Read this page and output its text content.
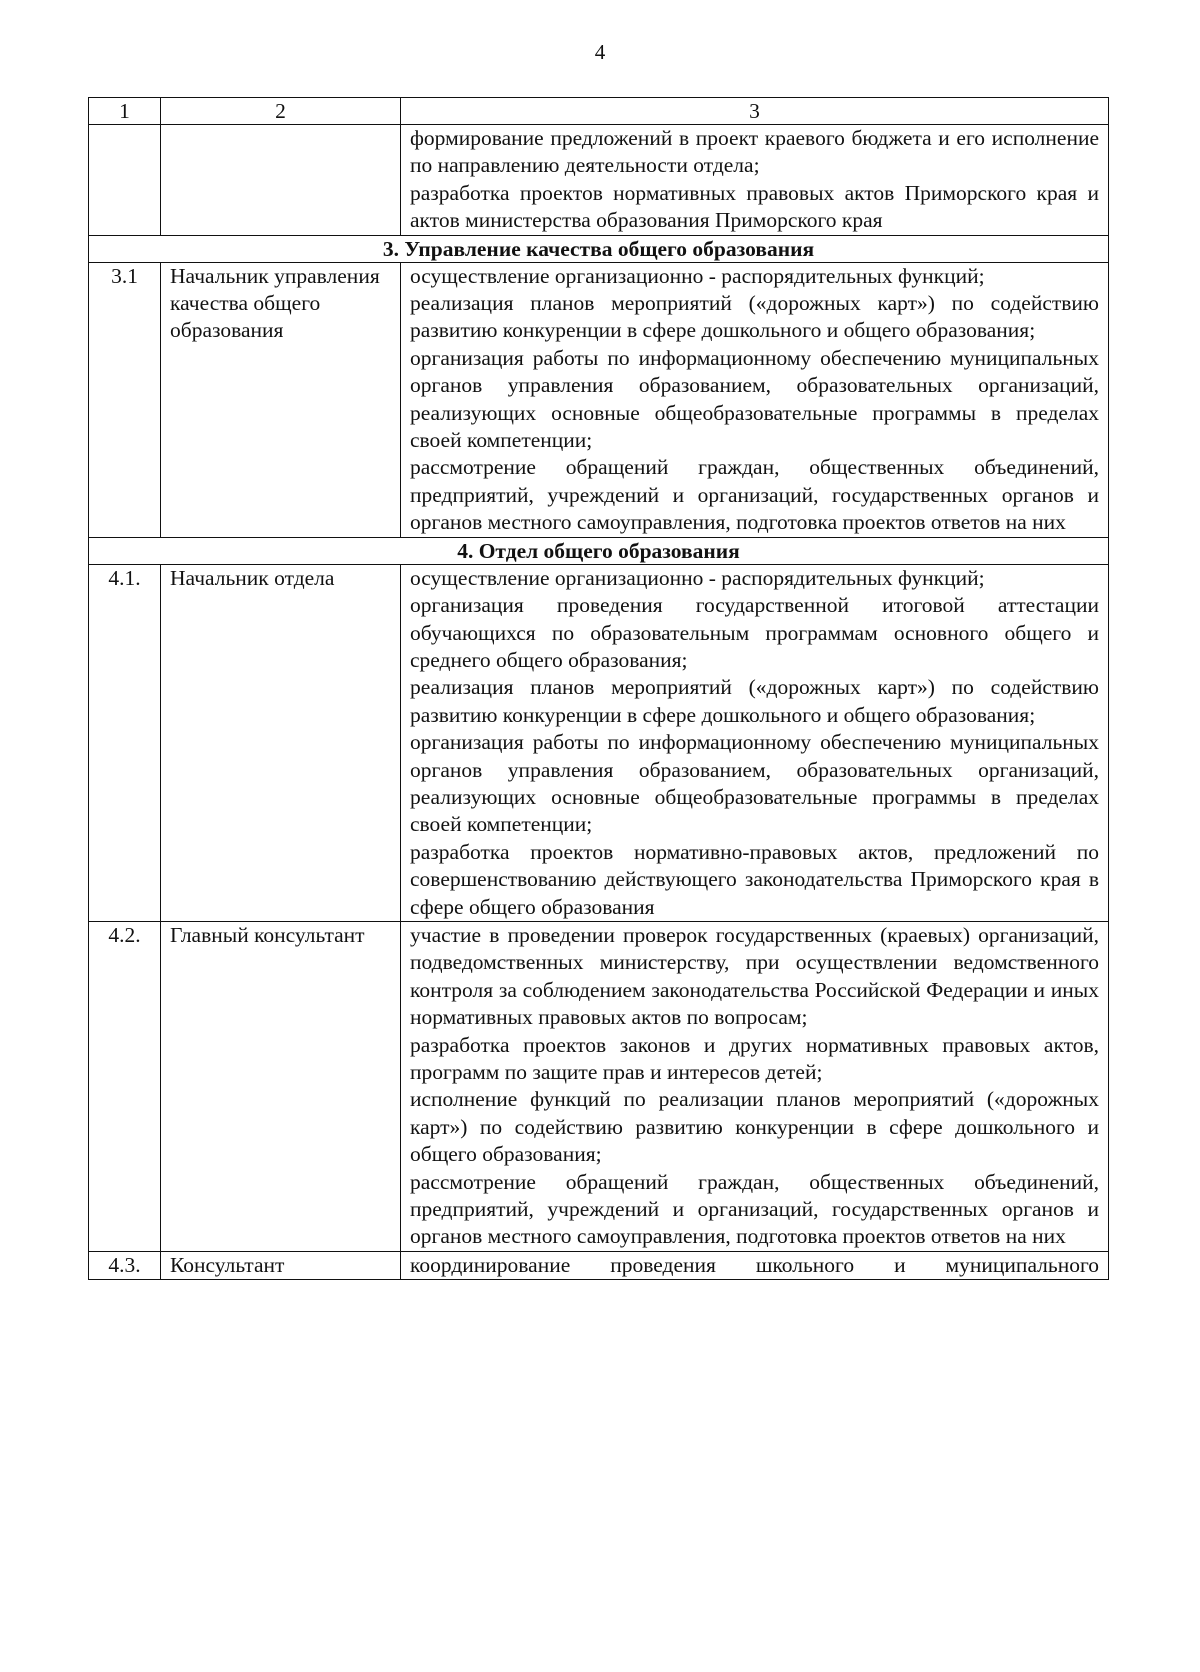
4
1	2	3

		формирование предложений в проект краевого бюджета и его исполнение по направлению деятельности отдела;
разработка проектов нормативных правовых актов Приморского края и актов министерства образования Приморского края

3. Управление качества общего образования		
3.1	Начальник управления качества общего образования	осуществление организационно - распорядительных функций;
реализация планов мероприятий («дорожных карт») по содействию развитию конкуренции в сфере дошкольного и общего образования;
организация работы по информационному обеспечению муниципальных органов управления образованием, образовательных организаций, реализующих основные общеобразовательные программы в пределах своей компетенции;
рассмотрение обращений граждан, общественных объединений, предприятий, учреждений и организаций, государственных органов и органов местного самоуправления, подготовка проектов ответов на них

4. Отдел общего образования		
4.1.	Начальник отдела	осуществление организационно - распорядительных функций;
организация проведения государственной итоговой аттестации обучающихся по образовательным программам основного общего и среднего общего образования;
реализация планов мероприятий («дорожных карт») по содействию развитию конкуренции в сфере дошкольного и общего образования;
организация работы по информационному обеспечению муниципальных органов управления образованием, образовательных организаций, реализующих основные общеобразовательные программы в пределах своей компетенции;
разработка проектов нормативно-правовых актов, предложений по совершенствованию действующего законодательства Приморского края в сфере общего образования

4.2.	Главный консультант	участие в проведении проверок государственных (краевых) организаций, подведомственных министерству, при осуществлении ведомственного контроля за соблюдением законодательства Российской Федерации и иных нормативных правовых актов по вопросам;
разработка проектов законов и других нормативных правовых актов, программ по защите прав и интересов детей;
исполнение функций по реализации планов мероприятий («дорожных карт») по содействию развитию конкуренции в сфере дошкольного и общего образования;
рассмотрение обращений граждан, общественных объединений, предприятий, учреждений и организаций, государственных органов и органов местного самоуправления, подготовка проектов ответов на них

4.3.	Консультант	координирование проведения школьного и муниципального
